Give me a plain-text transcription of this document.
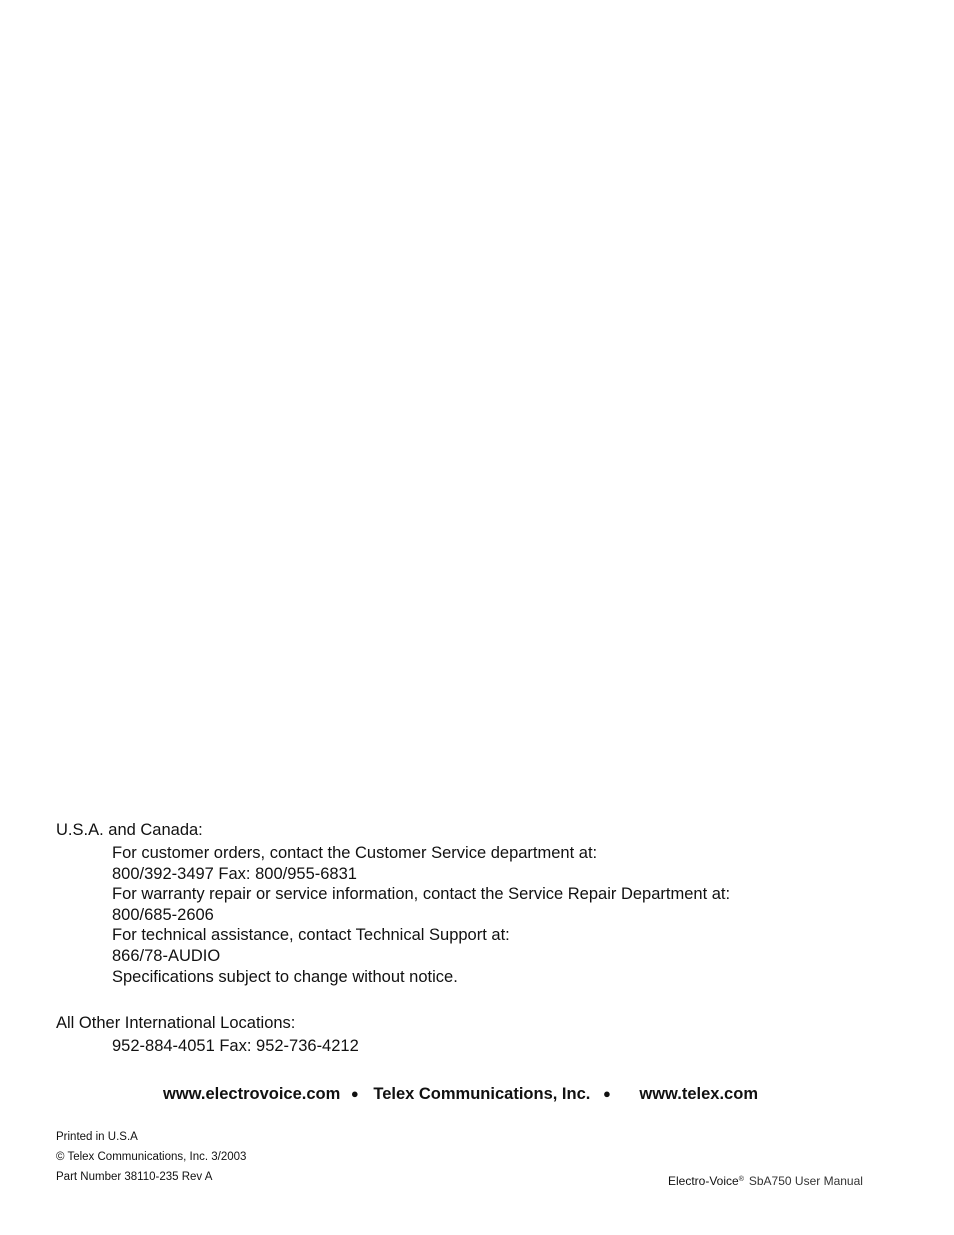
U.S.A. and Canada:
For customer orders, contact the Customer Service department at:
800/392-3497 Fax: 800/955-6831
For warranty repair or service information, contact the Service Repair Department at:
800/685-2606
For technical assistance, contact Technical Support at:
866/78-AUDIO
Specifications subject to change without notice.
All Other International Locations:
952-884-4051 Fax: 952-736-4212
www.electrovoice.com ● Telex Communications, Inc. ● www.telex.com
Printed in U.S.A
© Telex Communications, Inc. 3/2003
Part Number 38110-235 Rev A	Electro-Voice® SbA750 User Manual
